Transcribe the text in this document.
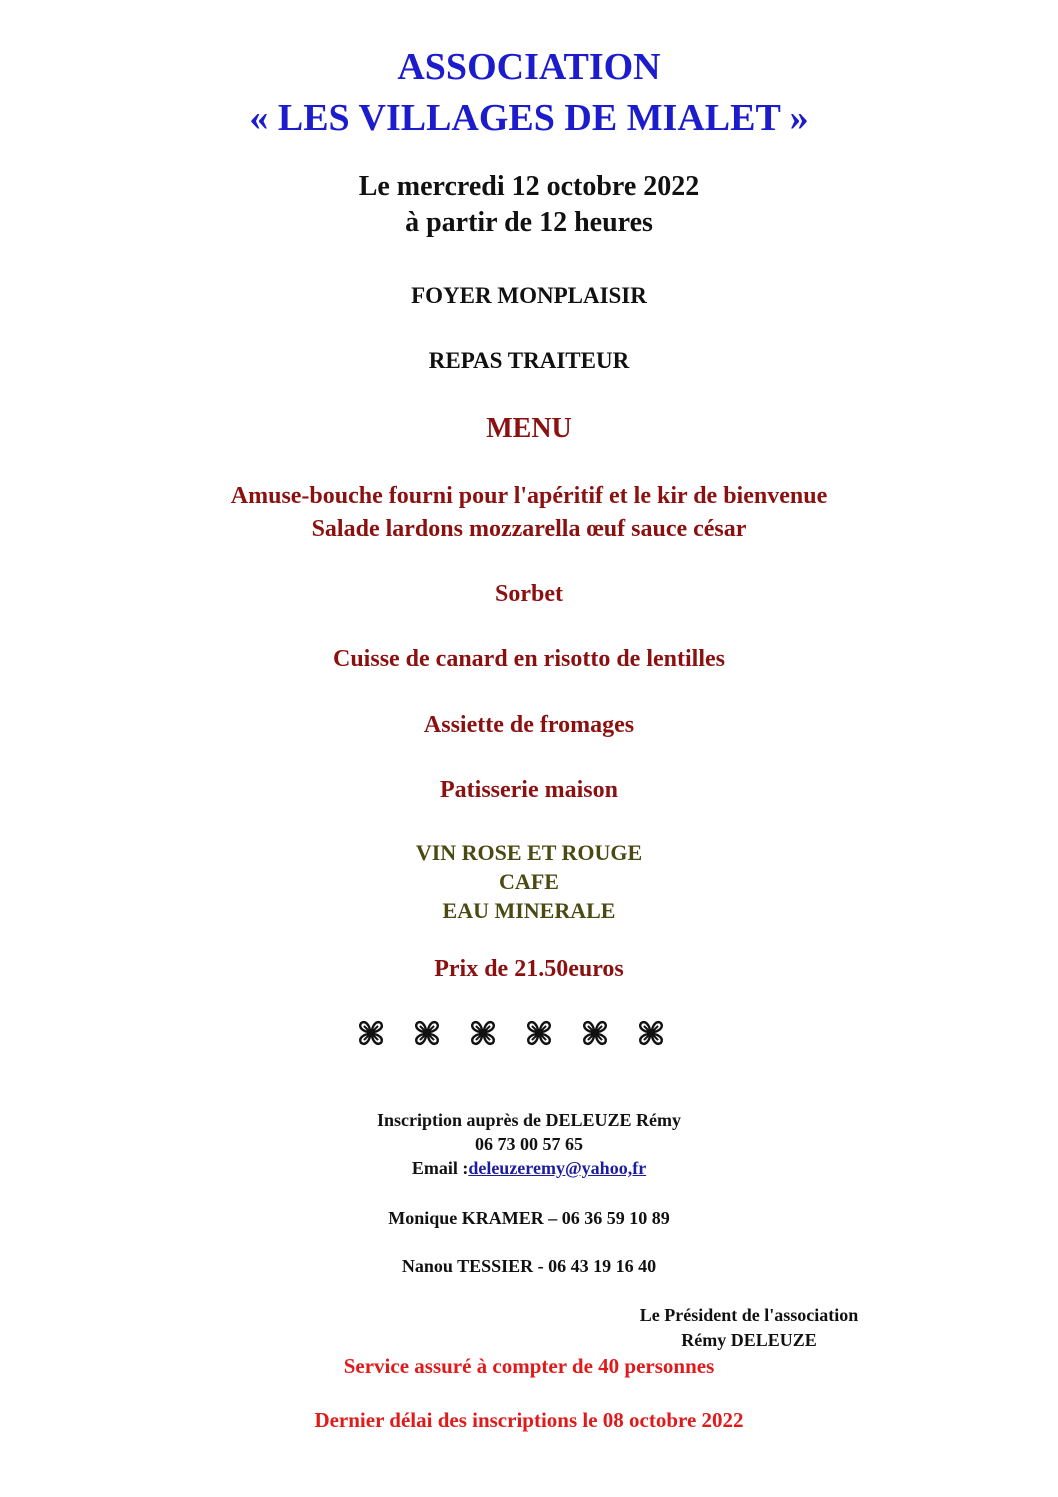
ASSOCIATION
« LES VILLAGES DE MIALET »
Le mercredi 12 octobre 2022
à partir de 12 heures
FOYER MONPLAISIR
REPAS TRAITEUR
MENU
Amuse-bouche fourni pour l'apéritif et le kir de bienvenue
Salade lardons mozzarella œuf sauce césar
Sorbet
Cuisse de canard en risotto de lentilles
Assiette de fromages
Patisserie maison
VIN ROSE ET ROUGE
CAFE
EAU MINERALE
Prix de 21.50euros
Inscription auprès de DELEUZE Rémy
06 73 00 57 65
Email :deleuzeremy@yahoo,fr
Monique KRAMER – 06 36 59 10 89
Nanou TESSIER - 06 43 19 16 40
Le Président de l'association
Rémy DELEUZE
Service assuré à compter de 40 personnes
Dernier délai des inscriptions le 08 octobre 2022
